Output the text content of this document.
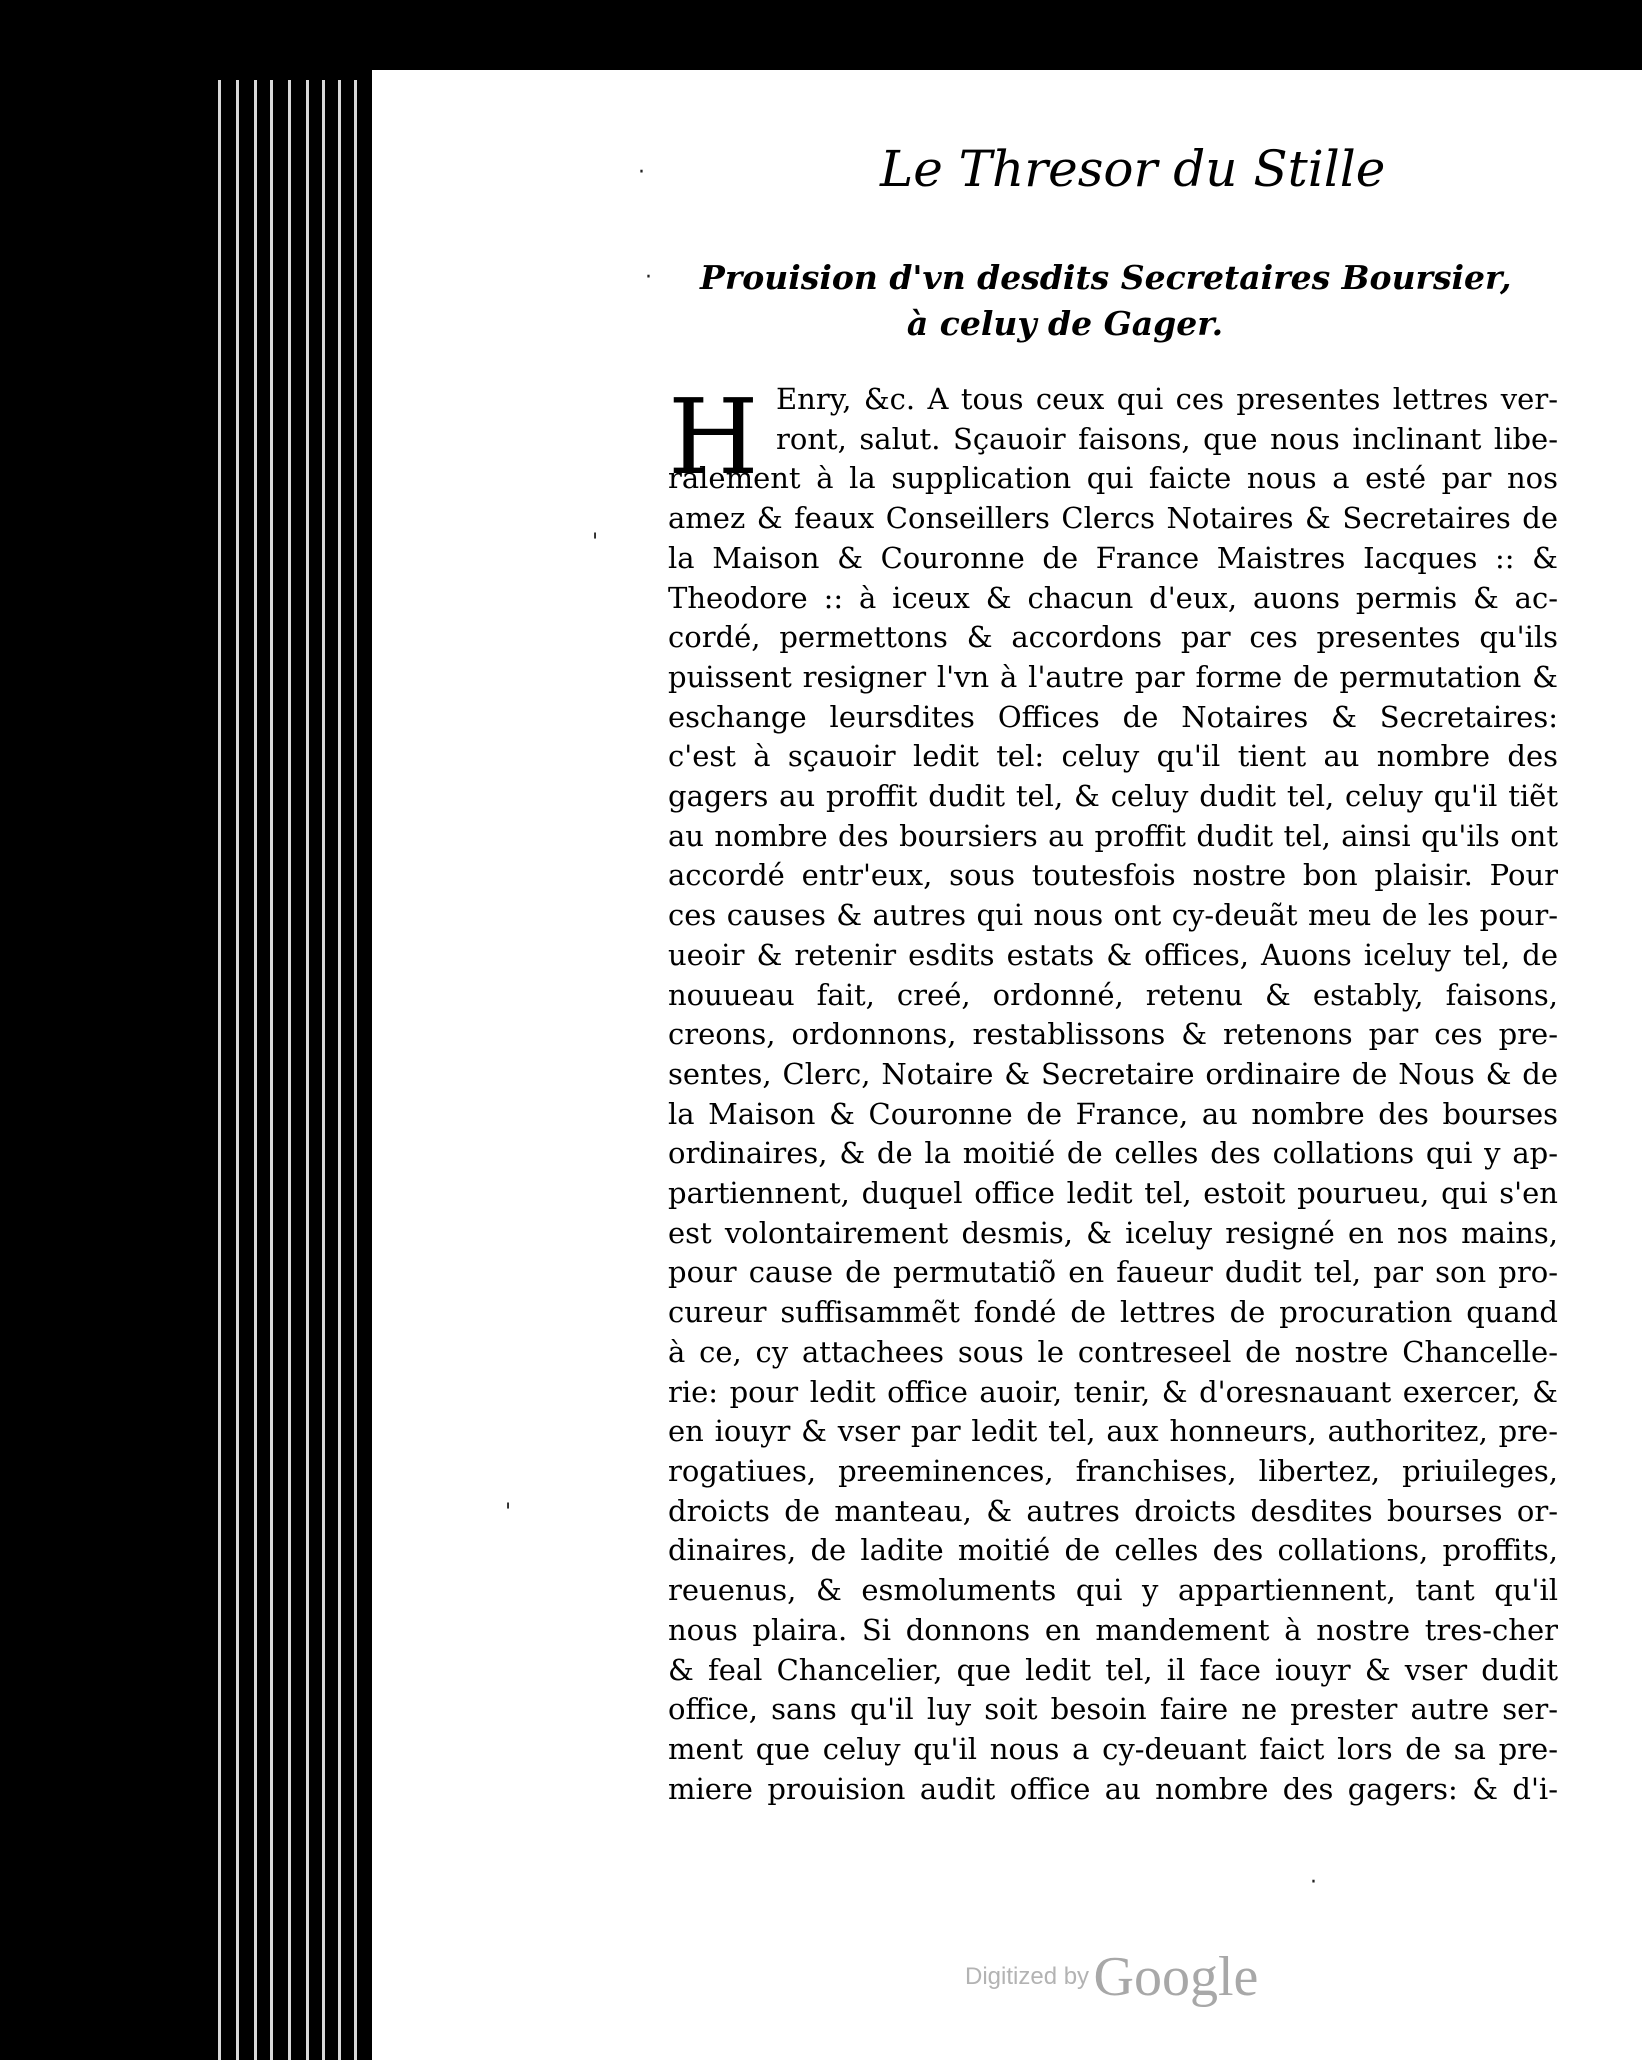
Le Thresor du Stille
Prouision d'vn desdits Secretaires Boursier,
à celuy de Gager.
H Enry, &c. A tous ceux qui ces presentes lettres ver-
ront, salut. Sçauoir faisons, que nous inclinant libe-
ralement à la supplication qui faicte nous a esté par nos
amez & feaux Conseillers Clercs Notaires & Secretaires de
la Maison & Couronne de France Maistres Iacques :: &
Theodore :: à iceux & chacun d'eux, auons permis & ac-
cordé, permettons & accordons par ces presentes qu'ils
puissent resigner l'vn à l'autre par forme de permutation &
eschange leursdites Offices de Notaires & Secretaires:
c'est à sçauoir ledit tel: celuy qu'il tient au nombre des
gagers au proffit dudit tel, & celuy dudit tel, celuy qu'il tiẽt
au nombre des boursiers au proffit dudit tel, ainsi qu'ils ont
accordé entr'eux, sous toutesfois nostre bon plaisir. Pour
ces causes & autres qui nous ont cy-deuãt meu de les pour-
ueoir & retenir esdits estats & offices, Auons iceluy tel, de
nouueau fait, creé, ordonné, retenu & estably, faisons,
creons, ordonnons, restablissons & retenons par ces pre-
sentes, Clerc, Notaire & Secretaire ordinaire de Nous & de
la Maison & Couronne de France, au nombre des bourses
ordinaires, & de la moitié de celles des collations qui y ap-
partiennent, duquel office ledit tel, estoit pourueu, qui s'en
est volontairement desmis, & iceluy resigné en nos mains,
pour cause de permutatiõ en faueur dudit tel, par son pro-
cureur suffisammẽt fondé de lettres de procuration quand
à ce, cy attachees sous le contreseel de nostre Chancelle-
rie: pour ledit office auoir, tenir, & d'oresnauant exercer, &
en iouyr & vser par ledit tel, aux honneurs, authoritez, pre-
rogatiues, preeminences, franchises, libertez, priuileges,
droicts de manteau, & autres droicts desdites bourses or-
dinaires, de ladite moitié de celles des collations, proffits,
reuenus, & esmoluments qui y appartiennent, tant qu'il
nous plaira. Si donnons en mandement à nostre tres-cher
& feal Chancelier, que ledit tel, il face iouyr & vser dudit
office, sans qu'il luy soit besoin faire ne prester autre ser-
ment que celuy qu'il nous a cy-deuant faict lors de sa pre-
miere prouision audit office au nombre des gagers: & d'i-
·
·
'
'
·
Digitized by Google
